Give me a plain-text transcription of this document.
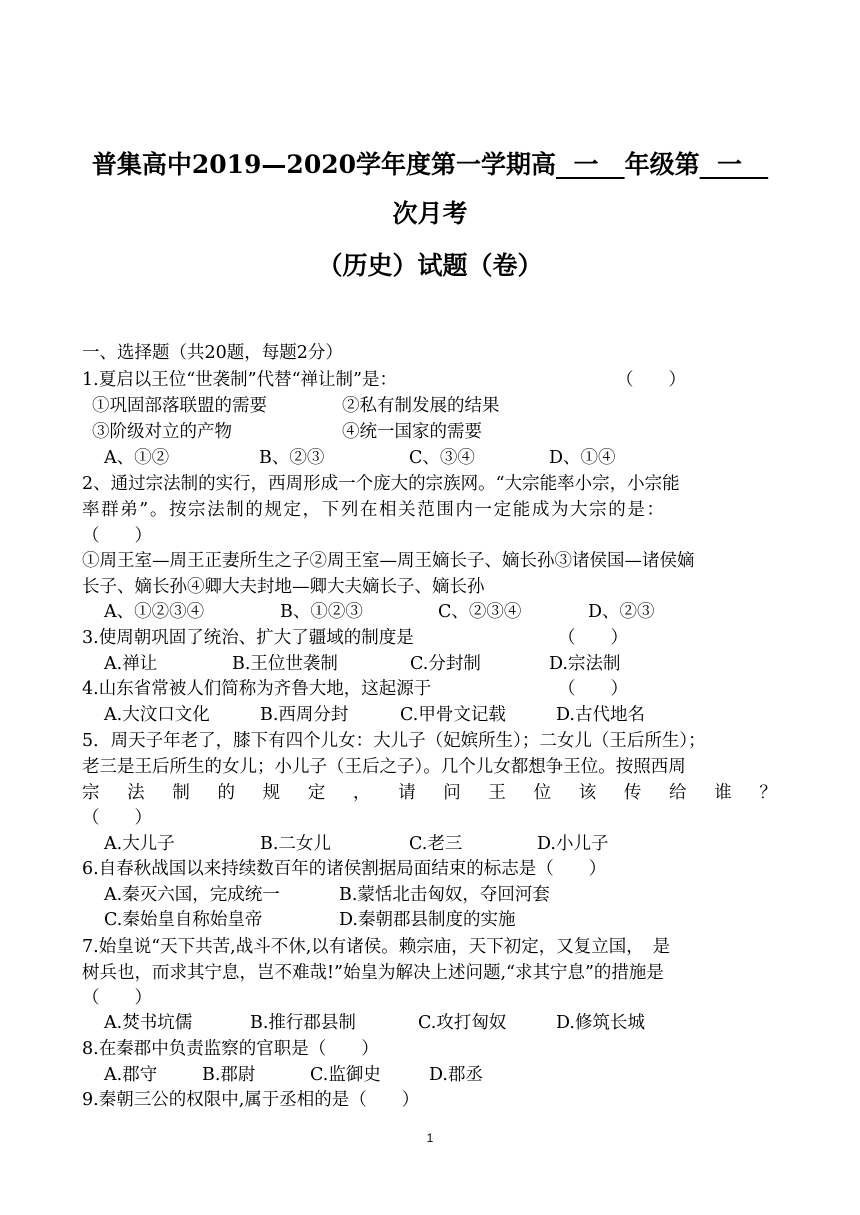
普集高中2019—2020学年度第一学期高 一 年级第 一
次月考
（历史）试题（卷）
一、选择题（共20题，每题2分）
1.夏启以王位“世袭制”代替“禅让制”是：	（　　）
①巩固部落联盟的需要	②私有制发展的结果
③阶级对立的产物	④统一国家的需要
A、①②	B、②③	C、③④	D、①④
2、通过宗法制的实行，西周形成一个庞大的宗族网。“大宗能率小宗，小宗能
率群弟”。按宗法制的规定，下列在相关范围内一定能成为大宗的是：
（　　）
①周王室—周王正妻所生之子②周王室—周王嫡长子、嫡长孙③诸侯国—诸侯嫡
长子、嫡长孙④卿大夫封地—卿大夫嫡长子、嫡长孙
A、①②③④	B、①②③	C、②③④	D、②③
3.使周朝巩固了统治、扩大了疆域的制度是	（　　）
A.禅让	B.王位世袭制	C.分封制	D.宗法制
4.山东省常被人们简称为齐鲁大地，这起源于	（　　）
A.大汶口文化	B.西周分封	C.甲骨文记载	D.古代地名
5．周天子年老了，膝下有四个儿女：大儿子（妃嫔所生）；二女儿（王后所生）；
老三是王后所生的女儿；小儿子（王后之子）。几个儿女都想争王位。按照西周
宗 法 制 的 规 定 ， 请 问 王 位 该 传 给 谁 ？
（　　）
A.大儿子	B.二女儿	C.老三	D.小儿子
6.自春秋战国以来持续数百年的诸侯割据局面结束的标志是（　　）
A.秦灭六国，完成统一	B.蒙恬北击匈奴，夺回河套
C.秦始皇自称始皇帝	D.秦朝郡县制度的实施
7.始皇说“天下共苦,战斗不休,以有诸侯。赖宗庙，天下初定，又复立国，　是
树兵也，而求其宁息，岂不难哉!”始皇为解决上述问题,“求其宁息”的措施是
（　　）
A.焚书坑儒	B.推行郡县制	C.攻打匈奴	D.修筑长城
8.在秦郡中负责监察的官职是（　　）
A.郡守	B.郡尉	C.监御史	D.郡丞
9.秦朝三公的权限中,属于丞相的是（　　）
1
